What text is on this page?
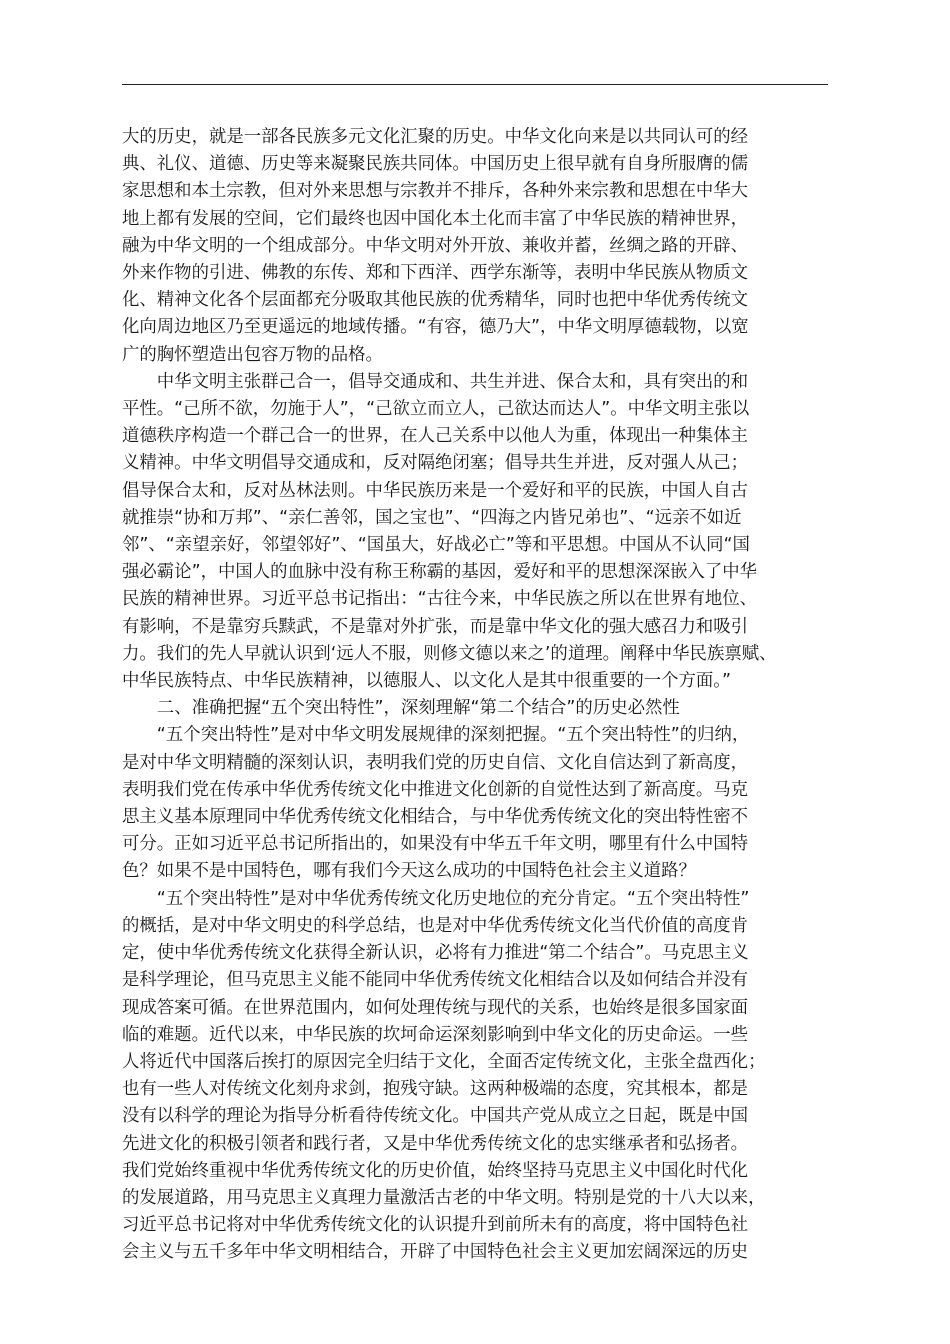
大的历史，就是一部各民族多元文化汇聚的历史。中华文化向来是以共同认可的经
典、礼仪、道德、历史等来凝聚民族共同体。中国历史上很早就有自身所服膺的儒
家思想和本土宗教，但对外来思想与宗教并不排斥，各种外来宗教和思想在中华大
地上都有发展的空间，它们最终也因中国化本土化而丰富了中华民族的精神世界，
融为中华文明的一个组成部分。中华文明对外开放、兼收并蓄，丝绸之路的开辟、
外来作物的引进、佛教的东传、郑和下西洋、西学东渐等，表明中华民族从物质文
化、精神文化各个层面都充分吸取其他民族的优秀精华，同时也把中华优秀传统文
化向周边地区乃至更遥远的地域传播。“有容，德乃大”，中华文明厚德载物，以宽
广的胸怀塑造出包容万物的品格。

中华文明主张群己合一，倡导交通成和、共生并进、保合太和，具有突出的和
平性。“己所不欲，勿施于人”，“己欲立而立人，己欲达而达人”。中华文明主张以
道德秩序构造一个群己合一的世界，在人己关系中以他人为重，体现出一种集体主
义精神。中华文明倡导交通成和，反对隔绝闭塞；倡导共生并进，反对强人从己；
倡导保合太和，反对丛林法则。中华民族历来是一个爱好和平的民族，中国人自古
就推崇“协和万邦”、“亲仁善邻，国之宝也”、“四海之内皆兄弟也”、“远亲不如近
邻”、“亲望亲好，邻望邻好”、“国虽大，好战必亡”等和平思想。中国从不认同“国
强必霸论”，中国人的血脉中没有称王称霸的基因，爱好和平的思想深深嵌入了中华
民族的精神世界。习近平总书记指出：“古往今来，中华民族之所以在世界有地位、
有影响，不是靠穷兵黩武，不是靠对外扩张，而是靠中华文化的强大感召力和吸引
力。我们的先人早就认识到‘远人不服，则修文德以来之’的道理。阐释中华民族禀赋、
中华民族特点、中华民族精神，以德服人、以文化人是其中很重要的一个方面。”

二、准确把握“五个突出特性”，深刻理解“第二个结合”的历史必然性

“五个突出特性”是对中华文明发展规律的深刻把握。“五个突出特性”的归纳，
是对中华文明精髓的深刻认识，表明我们党的历史自信、文化自信达到了新高度，
表明我们党在传承中华优秀传统文化中推进文化创新的自觉性达到了新高度。马克
思主义基本原理同中华优秀传统文化相结合，与中华优秀传统文化的突出特性密不
可分。正如习近平总书记所指出的，如果没有中华五千年文明，哪里有什么中国特
色？如果不是中国特色，哪有我们今天这么成功的中国特色社会主义道路？

“五个突出特性”是对中华优秀传统文化历史地位的充分肯定。“五个突出特性”
的概括，是对中华文明史的科学总结，也是对中华优秀传统文化当代价值的高度肯
定，使中华优秀传统文化获得全新认识，必将有力推进“第二个结合”。马克思主义
是科学理论，但马克思主义能不能同中华优秀传统文化相结合以及如何结合并没有
现成答案可循。在世界范围内，如何处理传统与现代的关系，也始终是很多国家面
临的难题。近代以来，中华民族的坎坷命运深刻影响到中华文化的历史命运。一些
人将近代中国落后挨打的原因完全归结于文化，全面否定传统文化，主张全盘西化；
也有一些人对传统文化刻舟求剑，抱残守缺。这两种极端的态度，究其根本，都是
没有以科学的理论为指导分析看待传统文化。中国共产党从成立之日起，既是中国
先进文化的积极引领者和践行者，又是中华优秀传统文化的忠实继承者和弘扬者。
我们党始终重视中华优秀传统文化的历史价值，始终坚持马克思主义中国化时代化
的发展道路，用马克思主义真理力量激活古老的中华文明。特别是党的十八大以来，
习近平总书记将对中华优秀传统文化的认识提升到前所未有的高度，将中国特色社
会主义与五千多年中华文明相结合，开辟了中国特色社会主义更加宏阔深远的历史
